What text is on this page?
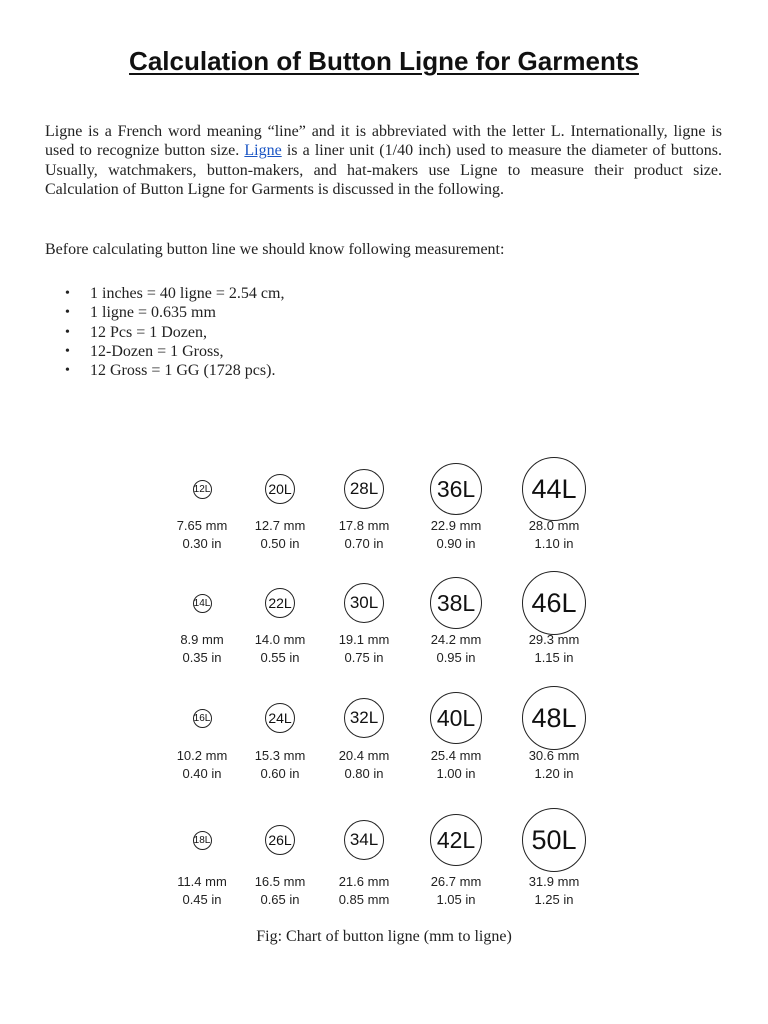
Calculation of Button Ligne for Garments

Ligne is a French word meaning “line” and it is abbreviated with the letter L. Internationally, ligne is used to recognize button size. Ligne is a liner unit (1/40 inch) used to measure the diameter of buttons. Usually, watchmakers, button-makers, and hat-makers use Ligne to measure their product size. Calculation of Button Ligne for Garments is discussed in the following.

Before calculating button line we should know following measurement:

• 1 inches = 40 ligne = 2.54 cm,
• 1 ligne = 0.635 mm
• 12 Pcs = 1 Dozen,
• 12-Dozen = 1 Gross,
• 12 Gross = 1 GG (1728 pcs).
12L
7.65 mm
0.30 in
20L
12.7 mm
0.50 in
28L
17.8 mm
0.70 in
36L
22.9 mm
0.90 in
44L
28.0 mm
1.10 in
14L
8.9 mm
0.35 in
22L
14.0 mm
0.55 in
30L
19.1 mm
0.75 in
38L
24.2 mm
0.95 in
46L
29.3 mm
1.15 in
16L
10.2 mm
0.40 in
24L
15.3 mm
0.60 in
32L
20.4 mm
0.80 in
40L
25.4 mm
1.00 in
48L
30.6 mm
1.20 in
18L
11.4 mm
0.45 in
26L
16.5 mm
0.65 in
34L
21.6 mm
0.85 mm
42L
26.7 mm
1.05 in
50L
31.9 mm
1.25 in

Fig: Chart of button ligne (mm to ligne)
